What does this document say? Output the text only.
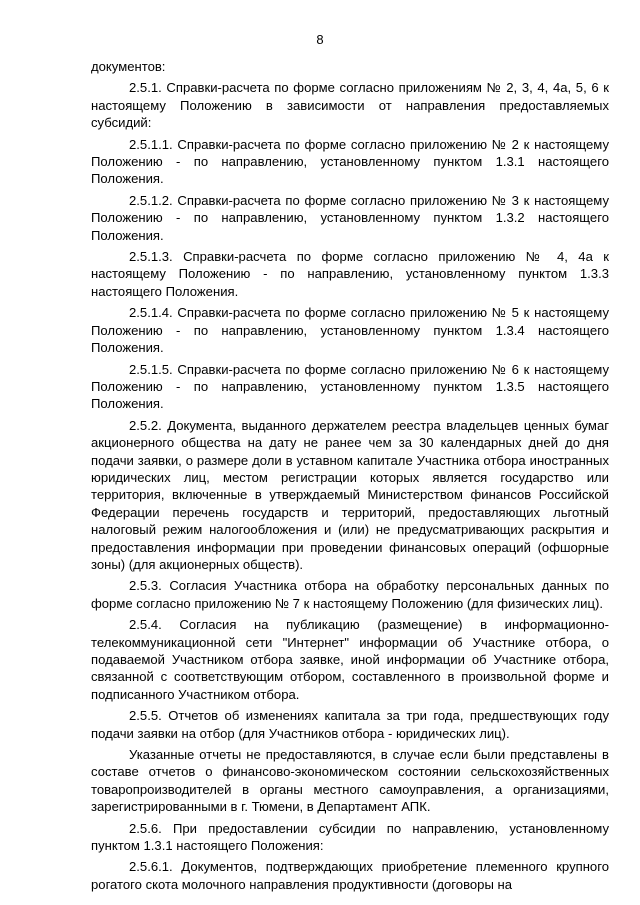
8

документов:

2.5.1. Справки-расчета по форме согласно приложениям № 2, 3, 4, 4а, 5, 6 к настоящему Положению в зависимости от направления предоставляемых субсидий:

2.5.1.1. Справки-расчета по форме согласно приложению № 2 к настоящему Положению - по направлению, установленному пунктом 1.3.1 настоящего Положения.

2.5.1.2. Справки-расчета по форме согласно приложению № 3 к настоящему Положению - по направлению, установленному пунктом 1.3.2 настоящего Положения.

2.5.1.3. Справки-расчета по форме согласно приложению № 4, 4а к настоящему Положению - по направлению, установленному пунктом 1.3.3 настоящего Положения.

2.5.1.4. Справки-расчета по форме согласно приложению № 5 к настоящему Положению - по направлению, установленному пунктом 1.3.4 настоящего Положения.

2.5.1.5. Справки-расчета по форме согласно приложению № 6 к настоящему Положению - по направлению, установленному пунктом 1.3.5 настоящего Положения.

2.5.2. Документа, выданного держателем реестра владельцев ценных бумаг акционерного общества на дату не ранее чем за 30 календарных дней до дня подачи заявки, о размере доли в уставном капитале Участника отбора иностранных юридических лиц, местом регистрации которых является государство или территория, включенные в утверждаемый Министерством финансов Российской Федерации перечень государств и территорий, предоставляющих льготный налоговый режим налогообложения и (или) не предусматривающих раскрытия и предоставления информации при проведении финансовых операций (офшорные зоны) (для акционерных обществ).

2.5.3. Согласия Участника отбора на обработку персональных данных по форме согласно приложению № 7 к настоящему Положению (для физических лиц).

2.5.4. Согласия на публикацию (размещение) в информационно-телекоммуникационной сети "Интернет" информации об Участнике отбора, о подаваемой Участником отбора заявке, иной информации об Участнике отбора, связанной с соответствующим отбором, составленного в произвольной форме и подписанного Участником отбора.

2.5.5. Отчетов об изменениях капитала за три года, предшествующих году подачи заявки на отбор (для Участников отбора - юридических лиц).

Указанные отчеты не предоставляются, в случае если были представлены в составе отчетов о финансово-экономическом состоянии сельскохозяйственных товаропроизводителей в органы местного самоуправления, а организациями, зарегистрированными в г. Тюмени, в Департамент АПК.

2.5.6. При предоставлении субсидии по направлению, установленному пунктом 1.3.1 настоящего Положения:

2.5.6.1. Документов, подтверждающих приобретение племенного крупного рогатого скота молочного направления продуктивности (договоры на
